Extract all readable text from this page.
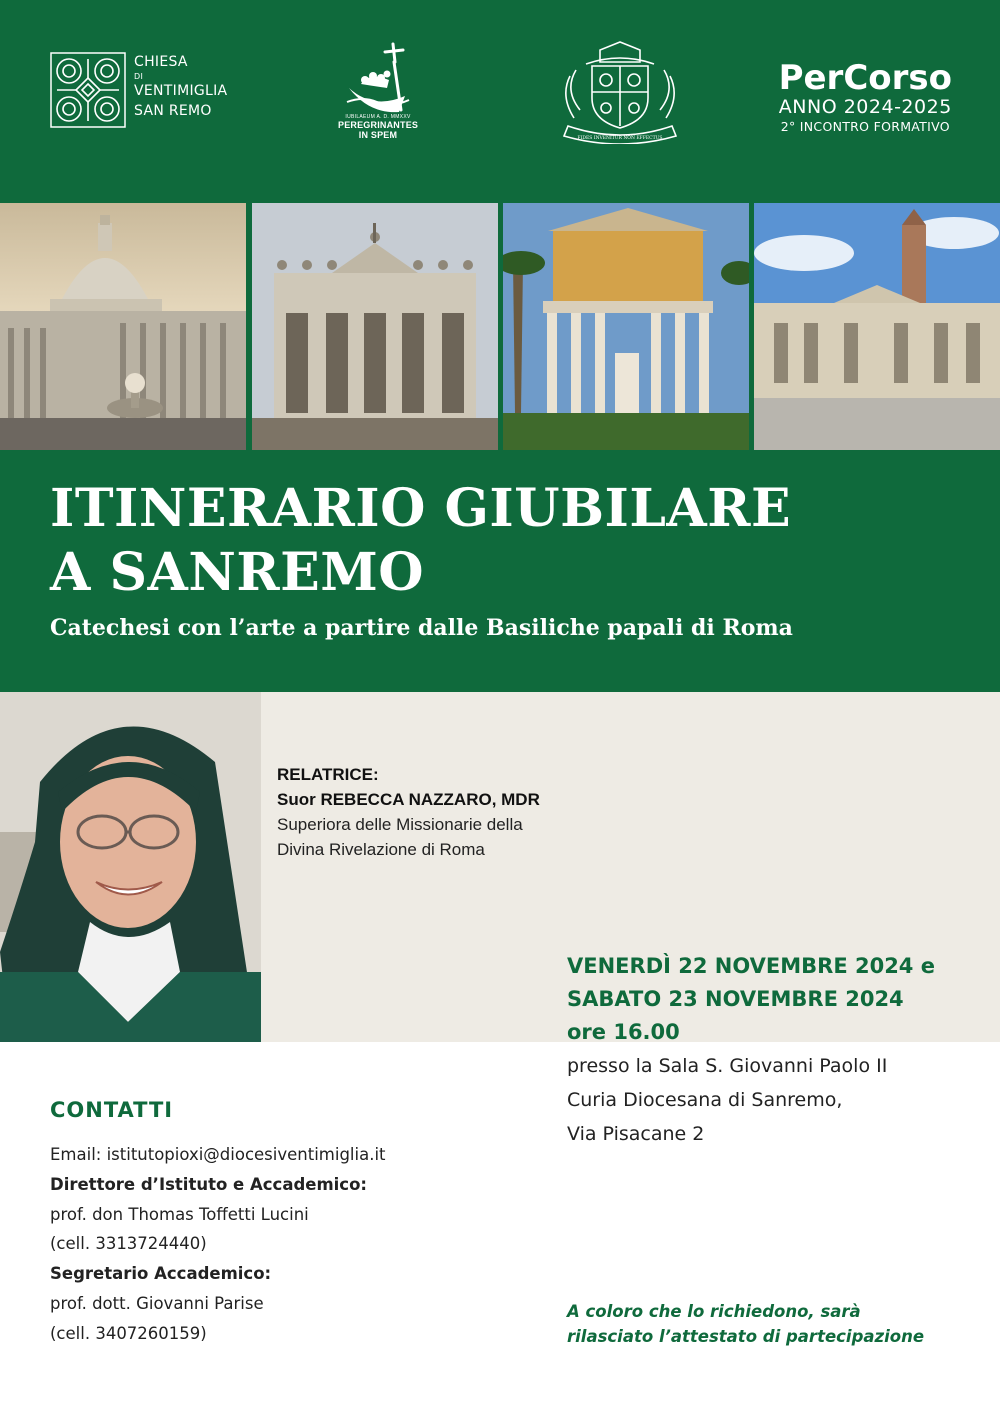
CHIESA

DI
VENTIMIGLIA
SAN REMO	IUBILAEUM A. D. MMXXV
PEREGRINANTES
IN SPEM	FIDES INVENITUR NON EFFECTUS
PerCorso
ANNO 2024-2025
2° INCONTRO FORMATIVO
ITINERARIO GIUBILARE
A SANREMO
Catechesi con l’arte a partire dalle Basiliche papali di Roma
RELATRICE:
Suor REBECCA NAZZARO, MDR
Superiora delle Missionarie della
Divina Rivelazione di Roma
VENERDÌ 22 NOVEMBRE 2024 e
SABATO 23 NOVEMBRE 2024
ore 16.00
presso la Sala S. Giovanni Paolo II
Curia Diocesana di Sanremo,
Via Pisacane 2
CONTATTI
Email: istitutopioxi@diocesiventimiglia.it
Direttore d’Istituto e Accademico:
prof. don Thomas Toffetti Lucini
(cell. 3313724440)
Segretario Accademico:
prof. dott. Giovanni Parise
(cell. 3407260159)
A coloro che lo richiedono, sarà
rilasciato l’attestato di partecipazione
